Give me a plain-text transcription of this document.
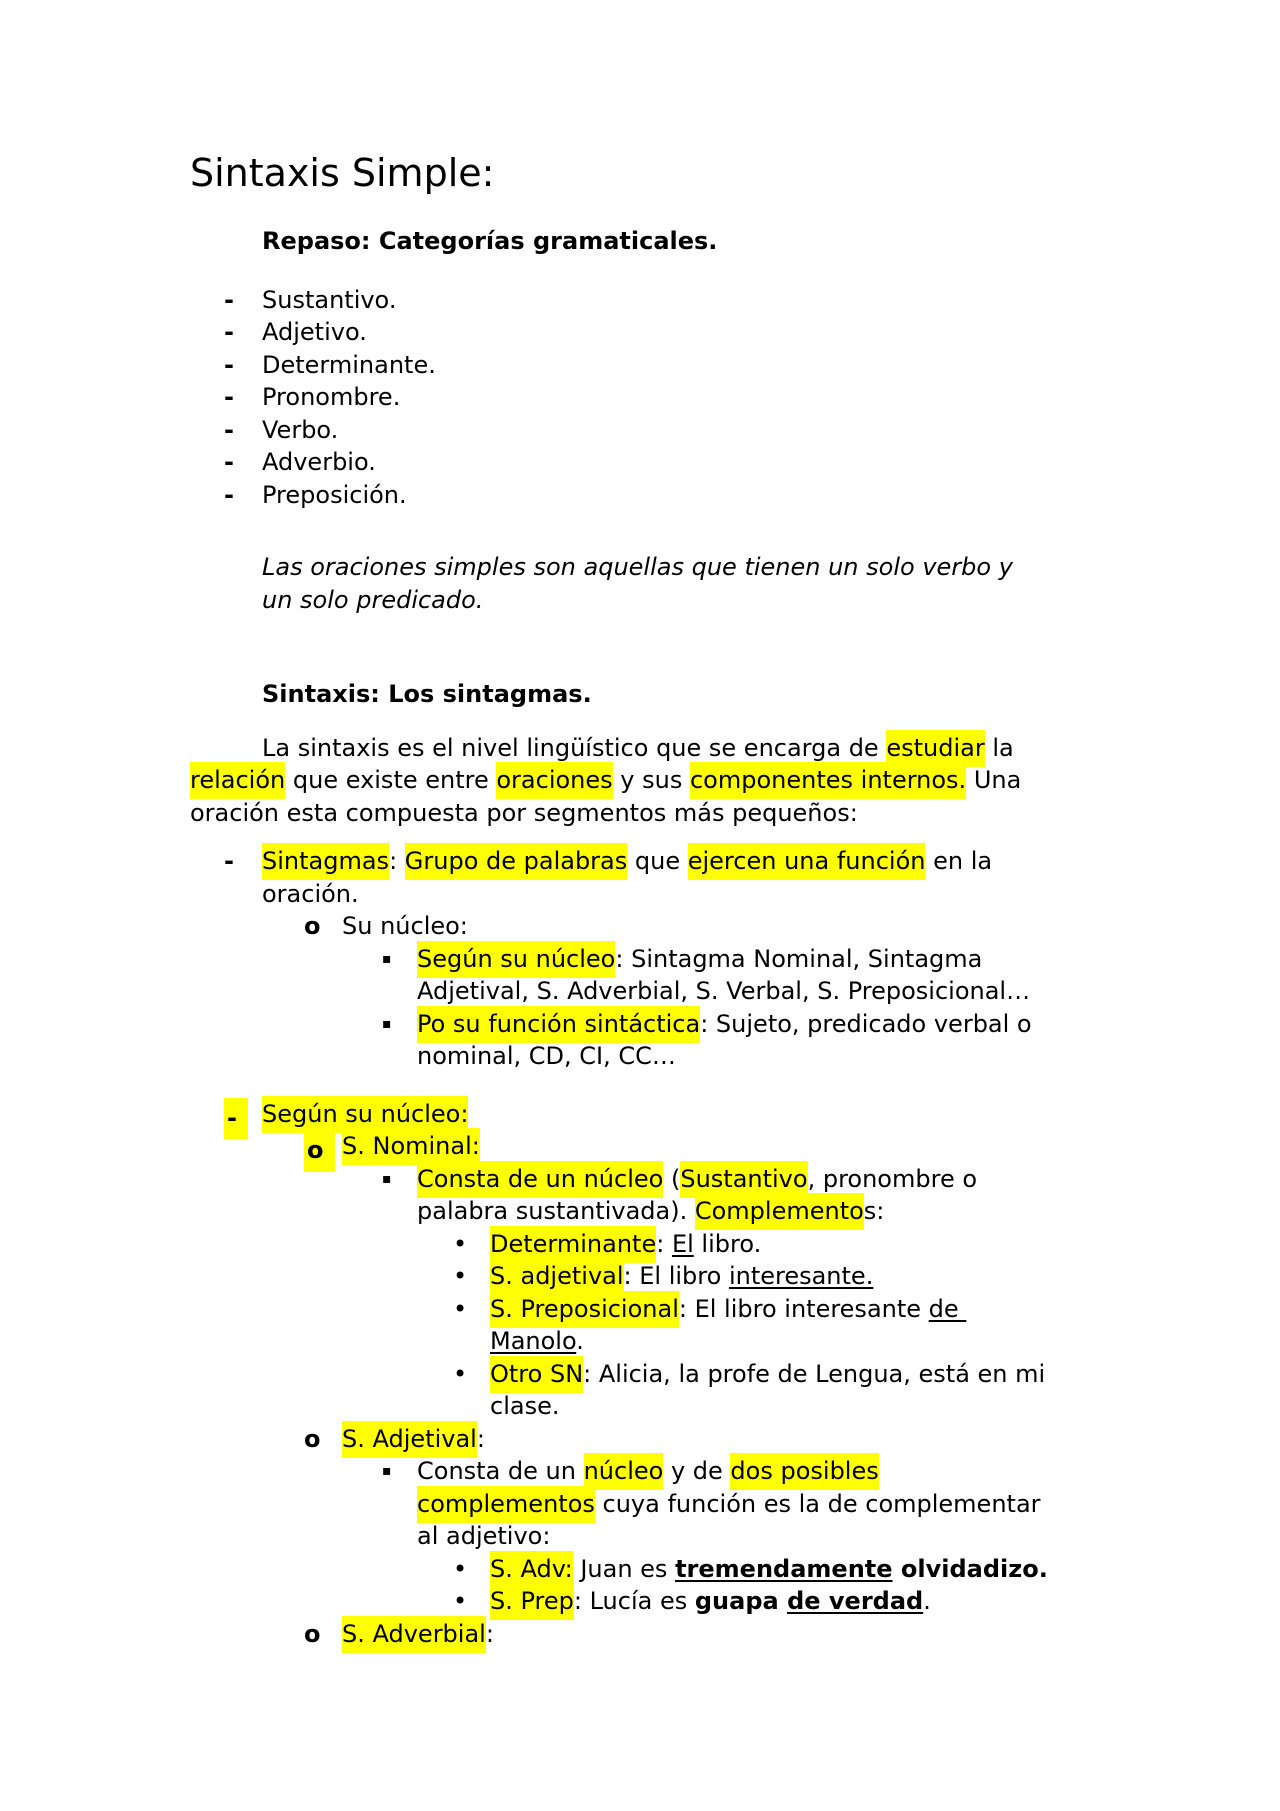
Sintaxis Simple:
Repaso: Categorías gramaticales.
-	Sustantivo.
-	Adjetivo.
-	Determinante.
-	Pronombre.
-	Verbo.
-	Adverbio.
-	Preposición.
Las oraciones simples son aquellas que tienen un solo verbo y
un solo predicado.
Sintaxis: Los sintagmas.
La sintaxis es el nivel lingüístico que se encarga de estudiar la
relación que existe entre oraciones y sus componentes internos. Una
oración esta compuesta por segmentos más pequeños:
-	Sintagmas: Grupo de palabras que ejercen una función en la
oración.
o Su núcleo:
▪	Según su núcleo: Sintagma Nominal, Sintagma
Adjetival, S. Adverbial, S. Verbal, S. Preposicional…
▪	Po su función sintáctica: Sujeto, predicado verbal o
nominal, CD, CI, CC…
-	Según su núcleo:
o S. Nominal:
▪	Consta de un núcleo (Sustantivo, pronombre o
palabra sustantivada). Complementos:
• Determinante: El libro.
• S. adjetival: El libro interesante.
• S. Preposicional: El libro interesante de
Manolo.
• Otro SN: Alicia, la profe de Lengua, está en mi
clase.
o S. Adjetival:
▪	Consta de un núcleo y de dos posibles
complementos cuya función es la de complementar
al adjetivo:
• S. Adv: Juan es tremendamente olvidadizo.
• S. Prep: Lucía es guapa de verdad.
o S. Adverbial:
